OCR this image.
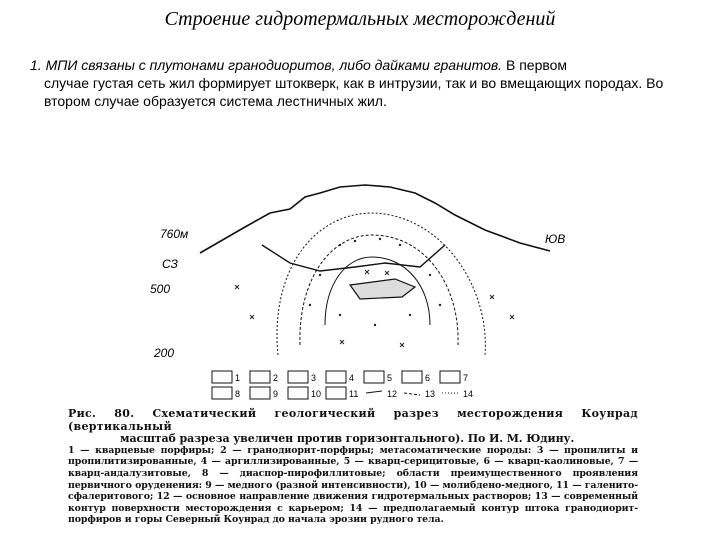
Строение гидротермальных месторождений
1. МПИ связаны с плутонами гранодиоритов, либо дайками гранитов. В первом
случае густая сеть жил формирует штокверк, как в интрузии, так и во вмещающих породах. Во втором случае образуется система лестничных жил.
760м
СЗ
500
200
ЮВ
1	2	3	4	5	6	7
8	9	10	11	12	13	14
Рис. 80. Схематический геологический разрез месторождения Коунрад (вертикальный
масштаб разреза увеличен против горизонтального). По И. М. Юдину.
1 — кварцевые порфиры; 2 — гранодиорит-порфиры; метасоматические породы: 3 — пропилиты и пропилитизированные, 4 — аргиллизированные, 5 — кварц-серицитовые, 6 — кварц-каолиновые, 7 — кварц-андалузитовые, 8 — диаспор-пирофиллитовые; области преимущественного проявления первичного оруденения: 9 — медного (разной интенсивности), 10 — молибдено-медного, 11 — галенито-сфалеритового; 12 — основное направление движения гидротермальных растворов; 13 — современный контур поверхности месторождения с карьером; 14 — предполагаемый контур штока гранодиорит-порфиров и горы Северный Коунрад до начала эрозии рудного тела.
